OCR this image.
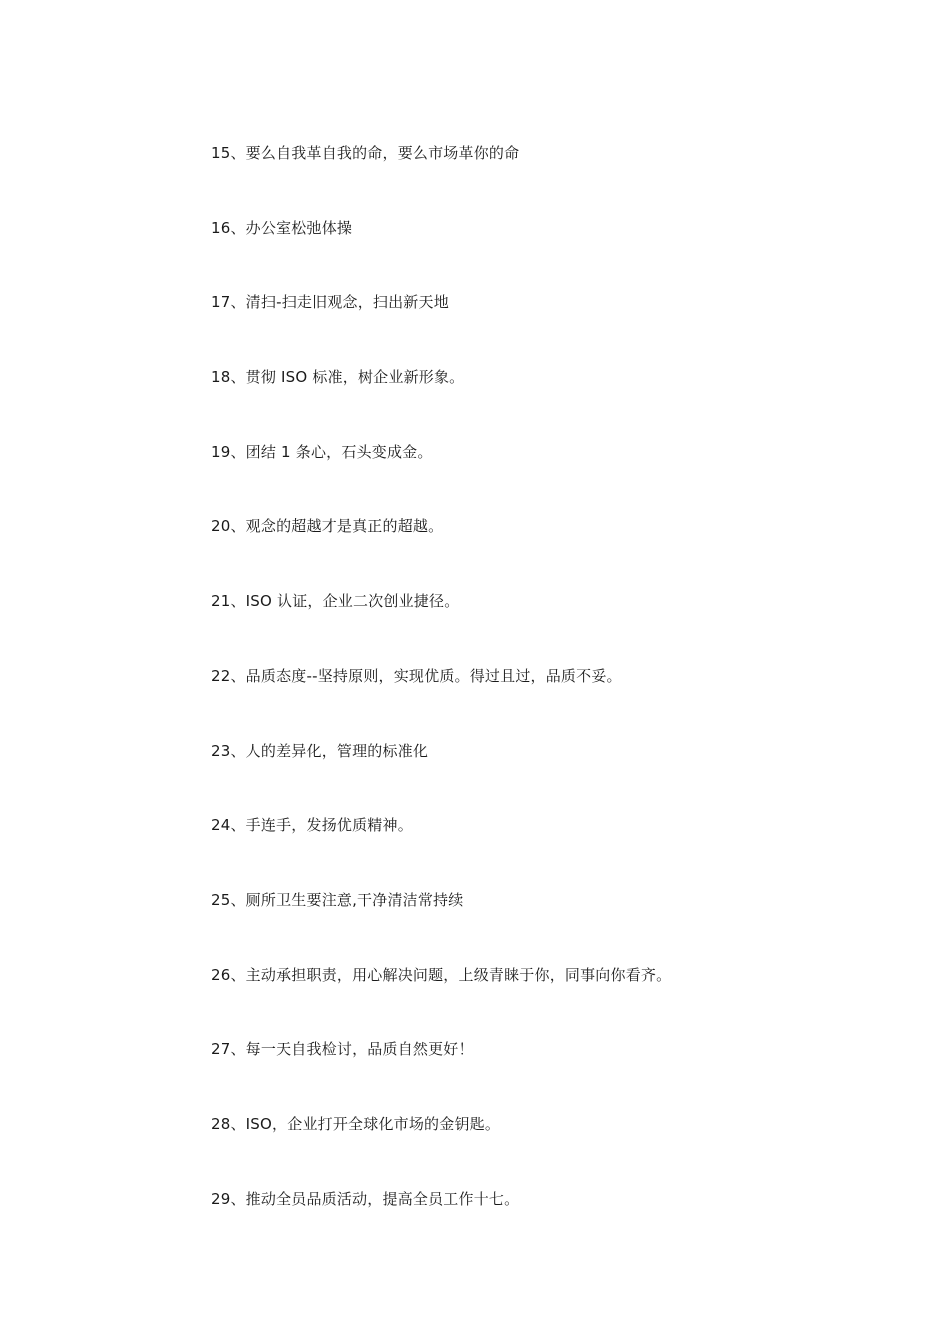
15、要么自我革自我的命，要么市场革你的命
16、办公室松弛体操
17、清扫-扫走旧观念，扫出新天地
18、贯彻 ISO 标准，树企业新形象。
19、团结 1 条心，石头变成金。
20、观念的超越才是真正的超越。
21、ISO 认证，企业二次创业捷径。
22、品质态度--坚持原则，实现优质。得过且过，品质不妥。
23、人的差异化，管理的标准化
24、手连手，发扬优质精神。
25、厕所卫生要注意,干净清洁常持续
26、主动承担职责，用心解决问题，上级青睐于你，同事向你看齐。
27、每一天自我检讨，品质自然更好！
28、ISO，企业打开全球化市场的金钥匙。
29、推动全员品质活动，提高全员工作十七。
